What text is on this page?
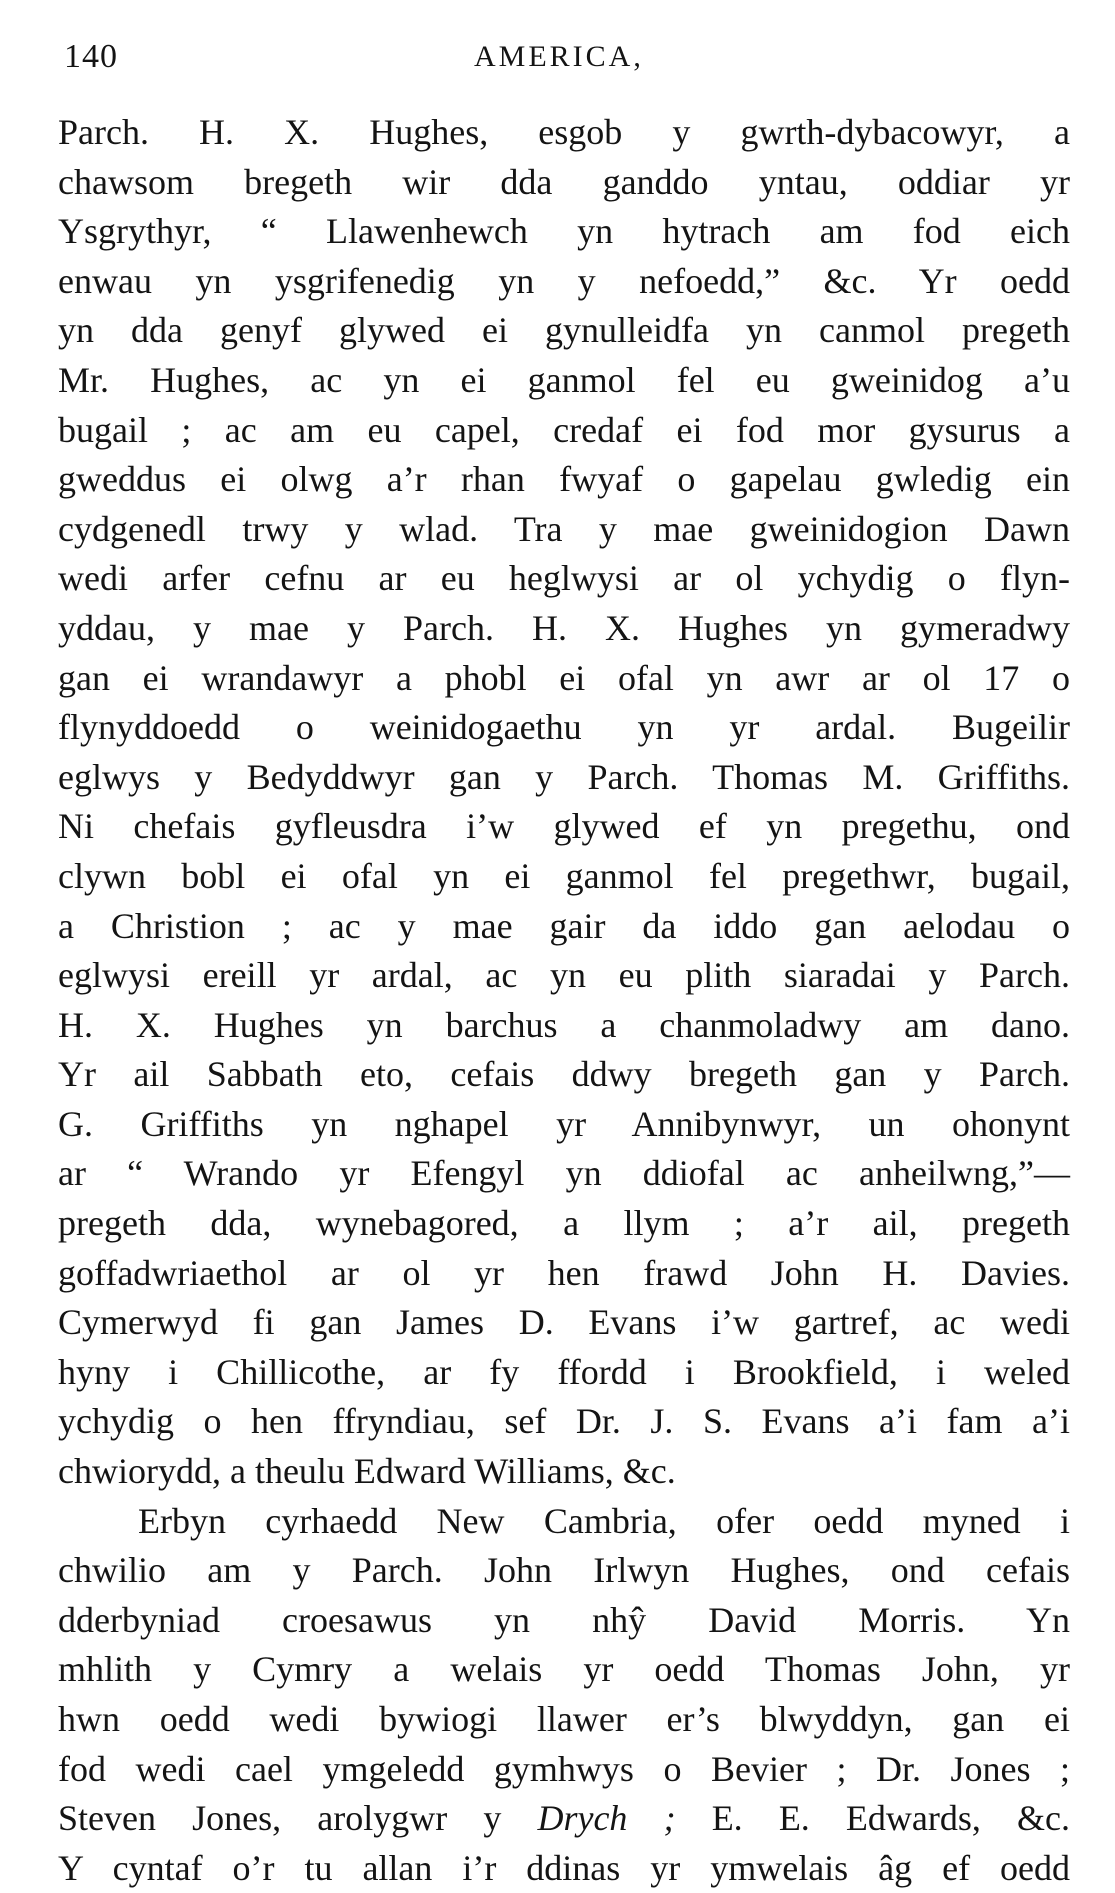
140	AMERICA,
Parch. H. X. Hughes, esgob y gwrth-dybacowyr, a
chawsom bregeth wir dda ganddo yntau, oddiar yr
Ysgrythyr, “ Llawenhewch yn hytrach am fod eich
enwau yn ysgrifenedig yn y nefoedd,” &c. Yr oedd
yn dda genyf glywed ei gynulleidfa yn canmol pregeth
Mr. Hughes, ac yn ei ganmol fel eu gweinidog a’u
bugail ; ac am eu capel, credaf ei fod mor gysurus a
gweddus ei olwg a’r rhan fwyaf o gapelau gwledig ein
cydgenedl trwy y wlad. Tra y mae gweinidogion Dawn
wedi arfer cefnu ar eu heglwysi ar ol ychydig o flyn-
yddau, y mae y Parch. H. X. Hughes yn gymeradwy
gan ei wrandawyr a phobl ei ofal yn awr ar ol 17 o
flynyddoedd o weinidogaethu yn yr ardal. Bugeilir
eglwys y Bedyddwyr gan y Parch. Thomas M. Griffiths.
Ni chefais gyfleusdra i’w glywed ef yn pregethu, ond
clywn bobl ei ofal yn ei ganmol fel pregethwr, bugail,
a Christion ; ac y mae gair da iddo gan aelodau o
eglwysi ereill yr ardal, ac yn eu plith siaradai y Parch.
H. X. Hughes yn barchus a chanmoladwy am dano.
Yr ail Sabbath eto, cefais ddwy bregeth gan y Parch.
G. Griffiths yn nghapel yr Annibynwyr, un ohonynt
ar “ Wrando yr Efengyl yn ddiofal ac anheilwng,”—
pregeth dda, wynebagored, a llym ; a’r ail, pregeth
goffadwriaethol ar ol yr hen frawd John H. Davies.
Cymerwyd fi gan James D. Evans i’w gartref, ac wedi
hyny i Chillicothe, ar fy ffordd i Brookfield, i weled
ychydig o hen ffryndiau, sef Dr. J. S. Evans a’i fam a’i
chwiorydd, a theulu Edward Williams, &c.
Erbyn cyrhaedd New Cambria, ofer oedd myned i
chwilio am y Parch. John Irlwyn Hughes, ond cefais
dderbyniad croesawus yn nhŷ David Morris. Yn
mhlith y Cymry a welais yr oedd Thomas John, yr
hwn oedd wedi bywiogi llawer er’s blwyddyn, gan ei
fod wedi cael ymgeledd gymhwys o Bevier ; Dr. Jones ;
Steven Jones, arolygwr y Drych ; E. E. Edwards, &c.
Y cyntaf o’r tu allan i’r ddinas yr ymwelais âg ef oedd
